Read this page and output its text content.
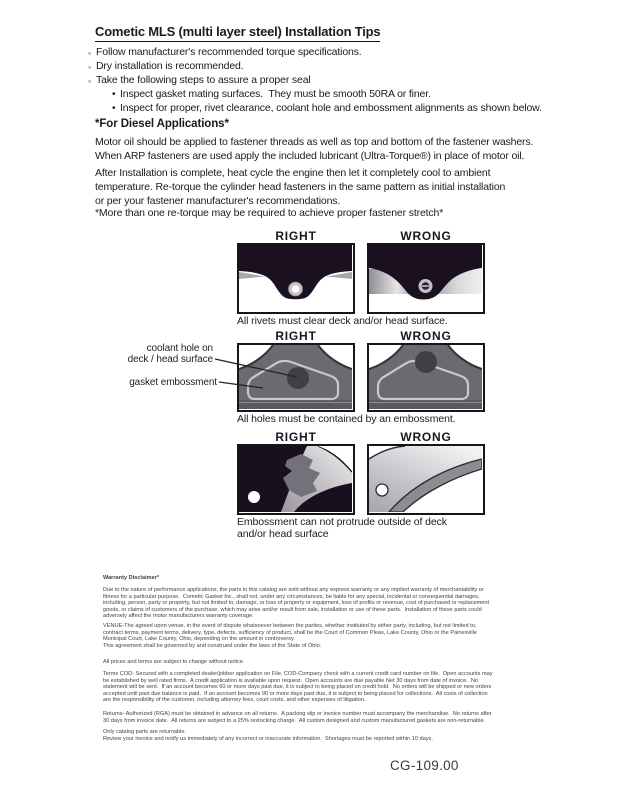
Cometic MLS (multi layer steel) Installation Tips
◦ Follow manufacturer's recommended torque specifications.
◦ Dry installation is recommended.
◦ Take the following steps to assure a proper seal
• Inspect gasket mating surfaces.  They must be smooth 50RA or finer.
• Inspect for proper, rivet clearance, coolant hole and embossment alignments as shown below.
*For Diesel Applications*
Motor oil should be applied to fastener threads as well as top and bottom of the fastener washers.
When ARP fasteners are used apply the included lubricant (Ultra-Torque®) in place of motor oil.
After Installation is complete, heat cycle the engine then let it completely cool to ambient
temperature. Re-torque the cylinder head fasteners in the same pattern as initial installation
or per your fastener manufacturer's recommendations.
*More than one re-torque may be required to achieve proper fastener stretch*
RIGHT	WRONG
All rivets must clear deck and/or head surface.
RIGHT	WRONG
All holes must be contained by an embossment.
coolant hole on
deck / head surface
gasket embossment
RIGHT	WRONG
Embossment can not protrude outside of deck
and/or head surface
Warranty Disclaimer*
Due to the nature of performance applications, the parts in this catalog are sold without any express warranty or any implied warranty of merchantability or
fitness for a particular purpose.  Cometic Gasket Inc., shall not, under any circumstances, be liable for any special, incidental or consequential damages,
including, person, party or property, but not limited to, damage, or loss of property or equipment, loss of profits or revenue, cost of purchased or replacement
goods, or claims of customers of the purchase, which may arise and/or result from sale, installation or use of these parts.  Installation of these parts could
adversely affect the motor manufacturers warranty coverage.
VENUE-The agreed upon venue, in the event of dispute whatsoever between the parties, whether instituted by either party, including, but not limited to,
contract terms, payment terms, delivery, type, defects, sufficiency of product, shall be the Court of Common Pleas, Lake County, Ohio or the Painesville
Municipal Court, Lake County, Ohio, depending on the amount in controversy.
This agreement shall be governed by and construed under the laws of the State of Ohio.
All prices and terms are subject to change without notice.
Terms COD- Secured with a completed dealer/jobber application on File, COD-Company check with a current credit card number on file.  Open accounts may
be established by well rated firms.  A credit application is available upon request.  Open accounts are due payable Net 30 days from date of invoice.  No
statement will be sent.  If an account becomes 60 or more days past due, it is subject to being placed on credit hold.  No orders will be shipped or new orders
accepted until past due balance is paid.  If an account becomes 90 or more days past due, it is subject to being placed for collections.  All costs of collection
are the responsibility of the customer, including attorney fees, court costs, and other expenses of litigation.
Returns- Authorized (RGA) must be obtained in advance on all returns.  A packing slip or invoice number must accompany the merchandise.  No returns after
30 days from invoice date.  All returns are subject to a 25% restocking charge.  All custom designed and custom manufactured gaskets are non-returnable.
Only catalog parts are returnable.
Review your invoice and notify us immediately of any incorrect or inaccurate information.  Shortages must be reported within 10 days.
CG-109.00
